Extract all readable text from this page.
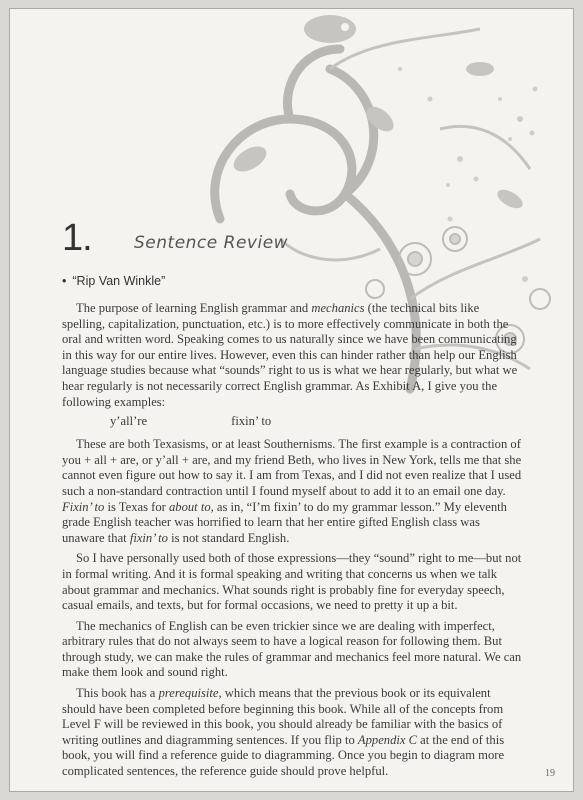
1. Sentence Review
• “Rip Van Winkle”

The purpose of learning English grammar and mechanics (the technical bits like spelling, capitalization, punctuation, etc.) is to more effectively communicate in both the oral and written word. Speaking comes to us naturally since we have been communicating in this way for our entire lives. However, even this can hinder rather than help our English language studies because what “sounds” right to us is what we hear regularly, but what we hear regularly is not necessarily correct English grammar. As Exhibit A, I give you the following examples:

These are both Texasisms, or at least Southernisms. The first example is a contraction of you + all + are, or y’all + are, and my friend Beth, who lives in New York, tells me that she cannot even figure out how to say it. I am from Texas, and I did not even realize that I used such a non-standard contraction until I found myself about to add it to an email one day. Fixin’ to is Texas for about to, as in, “I’m fixin’ to do my grammar lesson.” My eleventh grade English teacher was horrified to learn that her entire gifted English class was unaware that fixin’ to is not standard English.

So I have personally used both of those expressions—they “sound” right to me—but not in formal writing. And it is formal speaking and writing that concerns us when we talk about grammar and mechanics. What sounds right is probably fine for everyday speech, casual emails, and texts, but for formal occasions, we need to pretty it up a bit.

The mechanics of English can be even trickier since we are dealing with imperfect, arbitrary rules that do not always seem to have a logical reason for following them. But through study, we can make the rules of grammar and mechanics feel more natural. We can make them look and sound right.

This book has a prerequisite, which means that the previous book or its equivalent should have been completed before beginning this book. While all of the concepts from Level F will be reviewed in this book, you should already be familiar with the basics of writing outlines and diagramming sentences. If you flip to Appendix C at the end of this book, you will find a reference guide to diagramming. Once you begin to diagram more complicated sentences, the reference guide should prove helpful.

y’all’re	fixin’ to
19
